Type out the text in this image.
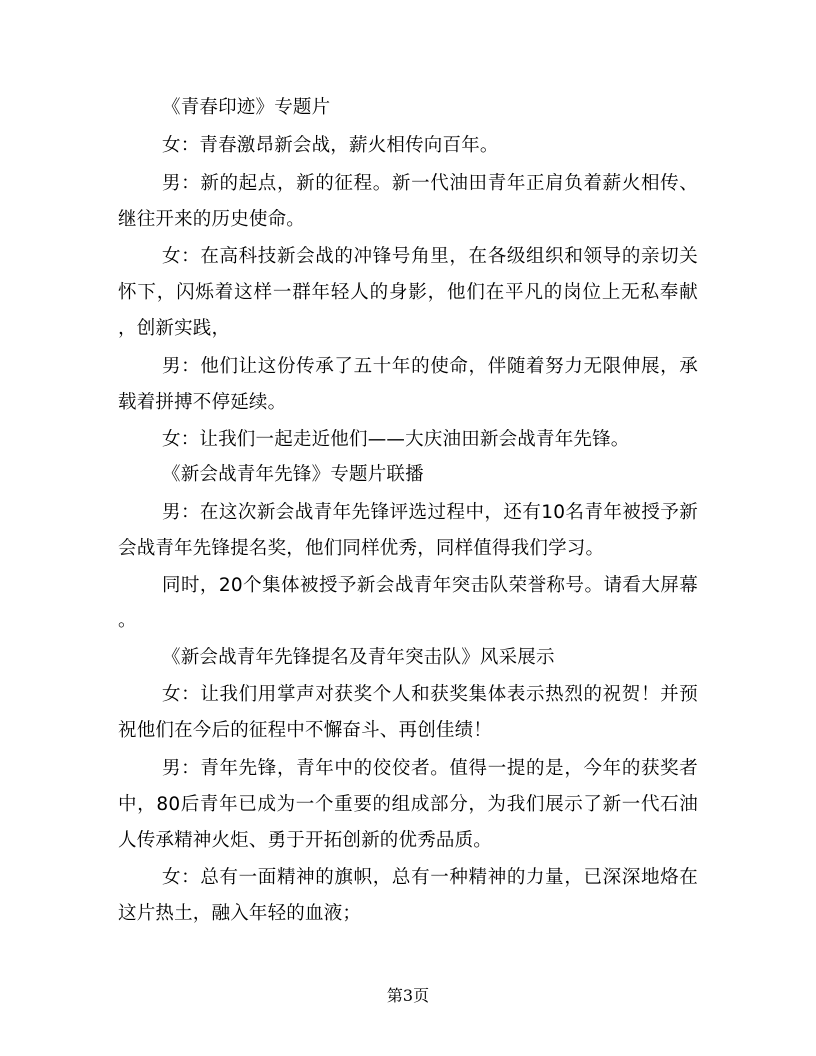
《青春印迹》专题片
女：青春激昂新会战，薪火相传向百年。
男：新的起点，新的征程。新一代油田青年正肩负着薪火相传、
继往开来的历史使命。
女：在高科技新会战的冲锋号角里，在各级组织和领导的亲切关
怀下，闪烁着这样一群年轻人的身影，他们在平凡的岗位上无私奉献
，创新实践，
男：他们让这份传承了五十年的使命，伴随着努力无限伸展，承
载着拼搏不停延续。
女：让我们一起走近他们——大庆油田新会战青年先锋。
《新会战青年先锋》专题片联播
男：在这次新会战青年先锋评选过程中，还有10名青年被授予新
会战青年先锋提名奖，他们同样优秀，同样值得我们学习。
同时，20个集体被授予新会战青年突击队荣誉称号。请看大屏幕
。
《新会战青年先锋提名及青年突击队》风采展示
女：让我们用掌声对获奖个人和获奖集体表示热烈的祝贺！并预
祝他们在今后的征程中不懈奋斗、再创佳绩！
男：青年先锋，青年中的佼佼者。值得一提的是，今年的获奖者
中，80后青年已成为一个重要的组成部分，为我们展示了新一代石油
人传承精神火炬、勇于开拓创新的优秀品质。
女：总有一面精神的旗帜，总有一种精神的力量，已深深地烙在
这片热土，融入年轻的血液；
第3页
